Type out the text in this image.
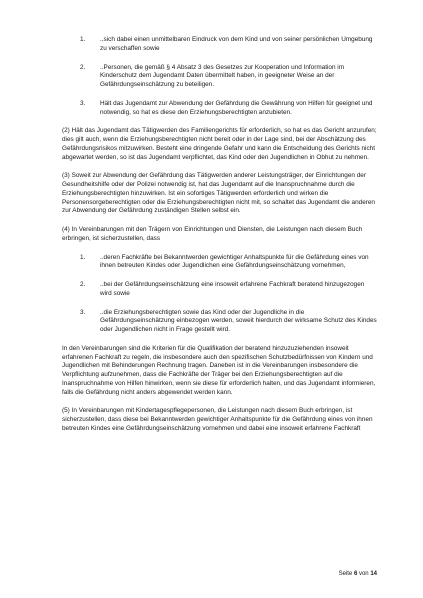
1. ..sich dabei einen unmittelbaren Eindruck von dem Kind und von seiner persönlichen Umgebung zu verschaffen sowie
2. ..Personen, die gemäß § 4 Absatz 3 des Gesetzes zur Kooperation und Information im Kinderschutz dem Jugendamt Daten übermittelt haben, in geeigneter Weise an der Gefährdungseinschätzung zu beteiligen.
3. Hält das Jugendamt zur Abwendung der Gefährdung die Gewährung von Hilfen für geeignet und notwendig, so hat es diese den Erziehungsberechtigten anzubieten.

(2) Hält das Jugendamt das Tätigwerden des Familiengerichts für erforderlich, so hat es das Gericht anzurufen; dies gilt auch, wenn die Erziehungsberechtigten nicht bereit oder in der Lage sind, bei der Abschätzung des Gefährdungsrisikos mitzuwirken. Besteht eine dringende Gefahr und kann die Entscheidung des Gerichts nicht abgewartet werden, so ist das Jugendamt verpflichtet, das Kind oder den Jugendlichen in Obhut zu nehmen.

(3) Soweit zur Abwendung der Gefährdung das Tätigwerden anderer Leistungsträger, der Einrichtungen der Gesundheitshilfe oder der Polizei notwendig ist, hat das Jugendamt auf die Inanspruchnahme durch die Erziehungsberechtigten hinzuwirken. Ist ein sofortiges Tätigwerden erforderlich und wirken die Personensorgeberechtigten oder die Erziehungsberechtigten nicht mit, so schaltet das Jugendamt die anderen zur Abwendung der Gefährdung zuständigen Stellen selbst ein.

(4) In Vereinbarungen mit den Trägern von Einrichtungen und Diensten, die Leistungen nach diesem Buch erbringen, ist sicherzustellen, dass

1. ..deren Fachkräfte bei Bekanntwerden gewichtiger Anhaltspunkte für die Gefährdung eines von ihnen betreuten Kindes oder Jugendlichen eine Gefährdungseinschätzung vornehmen,
2. ..bei der Gefährdungseinschätzung eine insoweit erfahrene Fachkraft beratend hinzugezogen wird sowie
3. ..die Erziehungsberechtigten sowie das Kind oder der Jugendliche in die Gefährdungseinschätzung einbezogen werden, soweit hierdurch der wirksame Schutz des Kindes oder Jugendlichen nicht in Frage gestellt wird.

In den Vereinbarungen sind die Kriterien für die Qualifikation der beratend hinzuzuziehenden insoweit erfahrenen Fachkraft zu regeln, die insbesondere auch den spezifischen Schutzbedürfnissen von Kindern und Jugendlichen mit Behinderungen Rechnung tragen. Daneben ist in die Vereinbarungen insbesondere die Verpflichtung aufzunehmen, dass die Fachkräfte der Träger bei den Erziehungsberechtigten auf die Inanspruchnahme von Hilfen hinwirken, wenn sie diese für erforderlich halten, und das Jugendamt informieren, falls die Gefährdung nicht anders abgewendet werden kann.

(5) In Vereinbarungen mit Kindertagespflegepersonen, die Leistungen nach diesem Buch erbringen, ist sicherzustellen, dass diese bei Bekanntwerden gewichtiger Anhaltspunkte für die Gefährdung eines von ihnen betreuten Kindes eine Gefährdungseinschätzung vornehmen und dabei eine insoweit erfahrene Fachkraft

Seite 6 von 14
